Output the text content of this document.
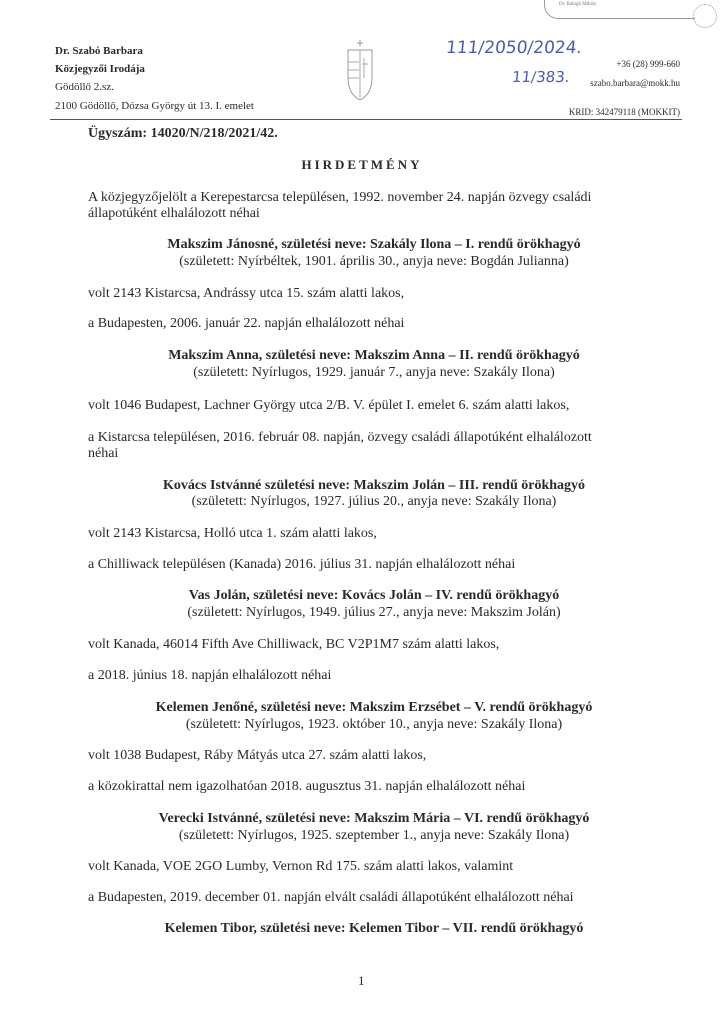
Dr. Szabó Barbara
Közjegyzői Irodája
Gödöllő 2.sz.
2100 Gödöllő, Dózsa György út 13. I. emelet
Dr. Balogh Mihály
111/2050/2024.
11/383.
+36 (28) 999-660
szabo.barbara@mokk.hu
KRID: 342479118 (MOKKIT)
Ügyszám: 14020/N/218/2021/42.
HIRDETMÉNY
A közjegyzőjelölt a Kerepestarcsa településen, 1992. november 24. napján özvegy családi
állapotúként elhalálozott néhai
Makszim Jánosné, születési neve: Szakály Ilona – I. rendű örökhagyó
(született: Nyírbéltek, 1901. április 30., anyja neve: Bogdán Julianna)
volt 2143 Kistarcsa, Andrássy utca 15. szám alatti lakos,
a Budapesten, 2006. január 22. napján elhalálozott néhai
Makszim Anna, születési neve: Makszim Anna – II. rendű örökhagyó
(született: Nyírlugos, 1929. január 7., anyja neve: Szakály Ilona)
volt 1046 Budapest, Lachner György utca 2/B. V. épület I. emelet 6. szám alatti lakos,
a Kistarcsa településen, 2016. február 08. napján, özvegy családi állapotúként elhalálozott
néhai
Kovács Istvánné születési neve: Makszim Jolán – III. rendű örökhagyó
(született: Nyírlugos, 1927. július 20., anyja neve: Szakály Ilona)
volt 2143 Kistarcsa, Holló utca 1. szám alatti lakos,
a Chilliwack településen (Kanada) 2016. július 31. napján elhalálozott néhai
Vas Jolán, születési neve: Kovács Jolán – IV. rendű örökhagyó
(született: Nyírlugos, 1949. július 27., anyja neve: Makszim Jolán)
volt Kanada, 46014 Fifth Ave Chilliwack, BC V2P1M7 szám alatti lakos,
a 2018. június 18. napján elhalálozott néhai
Kelemen Jenőné, születési neve: Makszim Erzsébet – V. rendű örökhagyó
(született: Nyírlugos, 1923. október 10., anyja neve: Szakály Ilona)
volt 1038 Budapest, Ráby Mátyás utca 27. szám alatti lakos,
a közokirattal nem igazolhatóan 2018. augusztus 31. napján elhalálozott néhai
Verecki Istvánné, születési neve: Makszim Mária – VI. rendű örökhagyó
(született: Nyírlugos, 1925. szeptember 1., anyja neve: Szakály Ilona)
volt Kanada, VOE 2GO Lumby, Vernon Rd 175. szám alatti lakos, valamint
a Budapesten, 2019. december 01. napján elvált családi állapotúként elhalálozott néhai
Kelemen Tibor, születési neve: Kelemen Tibor – VII. rendű örökhagyó
1
